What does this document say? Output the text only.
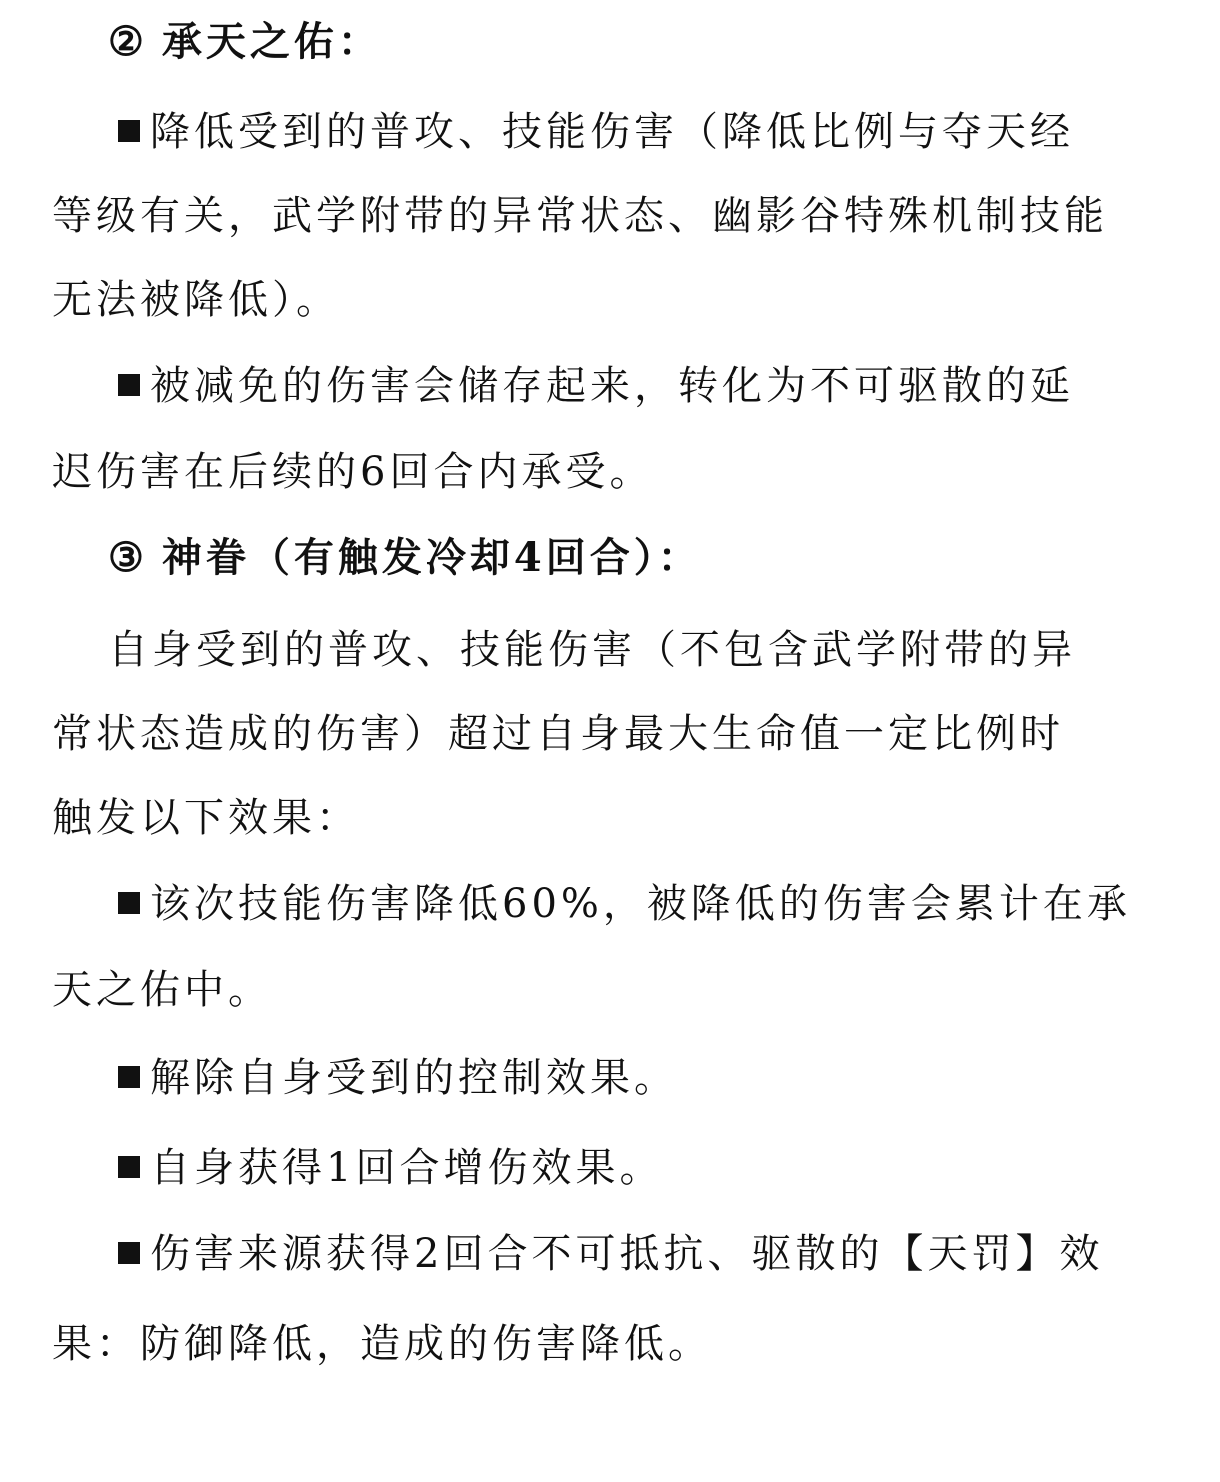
② 承天之佑：
降低受到的普攻、技能伤害（降低比例与夺天经
等级有关，武学附带的异常状态、幽影谷特殊机制技能
无法被降低）。
被减免的伤害会储存起来，转化为不可驱散的延
迟伤害在后续的6回合内承受。
③ 神眷（有触发冷却4回合）：
自身受到的普攻、技能伤害（不包含武学附带的异
常状态造成的伤害）超过自身最大生命值一定比例时
触发以下效果：
该次技能伤害降低60%，被降低的伤害会累计在承
天之佑中。
解除自身受到的控制效果。
自身获得1回合增伤效果。
伤害来源获得2回合不可抵抗、驱散的【天罚】效
果：防御降低，造成的伤害降低。
